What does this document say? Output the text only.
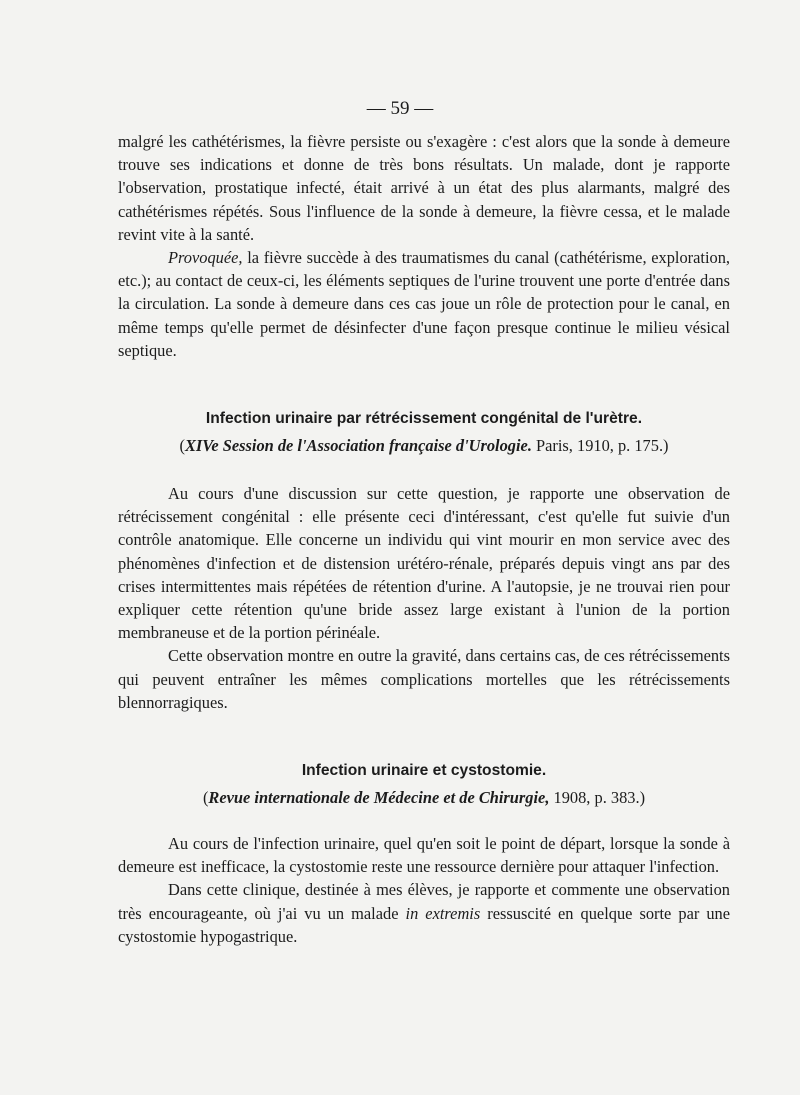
— 59 —

malgré les cathétérismes, la fièvre persiste ou s'exagère : c'est alors que la sonde à demeure trouve ses indications et donne de très bons résultats. Un malade, dont je rapporte l'observation, prostatique infecté, était arrivé à un état des plus alarmants, malgré des cathétérismes répétés. Sous l'influence de la sonde à demeure, la fièvre cessa, et le malade revint vite à la santé.

Provoquée, la fièvre succède à des traumatismes du canal (cathétérisme, exploration, etc.); au contact de ceux-ci, les éléments septiques de l'urine trouvent une porte d'entrée dans la circulation. La sonde à demeure dans ces cas joue un rôle de protection pour le canal, en même temps qu'elle permet de désinfecter d'une façon presque continue le milieu vésical septique.

Infection urinaire par rétrécissement congénital de l'urètre.
(XIVe Session de l'Association française d'Urologie. Paris, 1910, p. 175.)

Au cours d'une discussion sur cette question, je rapporte une observation de rétrécissement congénital : elle présente ceci d'intéressant, c'est qu'elle fut suivie d'un contrôle anatomique. Elle concerne un individu qui vint mourir en mon service avec des phénomènes d'infection et de distension urétéro-rénale, préparés depuis vingt ans par des crises intermittentes mais répétées de rétention d'urine. A l'autopsie, je ne trouvai rien pour expliquer cette rétention qu'une bride assez large existant à l'union de la portion membraneuse et de la portion périnéale.

Cette observation montre en outre la gravité, dans certains cas, de ces rétrécissements qui peuvent entraîner les mêmes complications mortelles que les rétrécissements blennorragiques.

Infection urinaire et cystostomie.
(Revue internationale de Médecine et de Chirurgie, 1908, p. 383.)

Au cours de l'infection urinaire, quel qu'en soit le point de départ, lorsque la sonde à demeure est inefficace, la cystostomie reste une ressource dernière pour attaquer l'infection.

Dans cette clinique, destinée à mes élèves, je rapporte et commente une observation très encourageante, où j'ai vu un malade in extremis ressuscité en quelque sorte par une cystostomie hypogastrique.
